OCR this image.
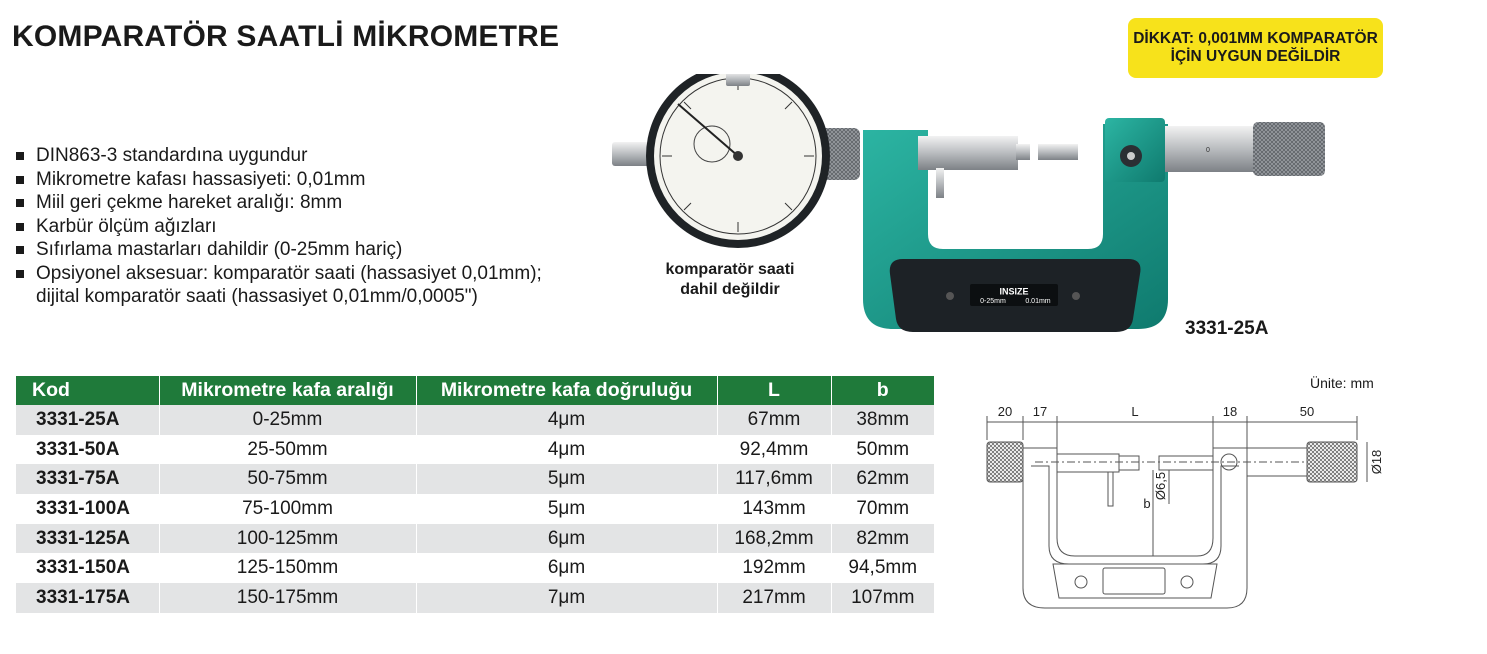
KOMPARATÖR SAATLİ MİKROMETRE	DİKKAT: 0,001MM KOMPARATÖR
İÇİN UYGUN DEĞİLDİR
DIN863-3 standardına uygundur
Mikrometre kafası hassasiyeti: 0,01mm
Miil geri çekme hareket aralığı: 8mm
Karbür ölçüm ağızları
Sıfırlama mastarları dahildir (0-25mm hariç)
Opsiyonel aksesuar: komparatör saati (hassasiyet 0,01mm);
dijital komparatör saati (hassasiyet 0,01mm/0,0005")	INSIZE
0-25mm	0.01mm
0
komparatör saati
dahil değildir
3331-25A
Ünite: mm
Kod	Mikrometre kafa aralığı	Mikrometre kafa doğruluğu	L	b
3331-25A	0-25mm	4μm	67mm	38mm
3331-50A	25-50mm	4μm	92,4mm	50mm
3331-75A	50-75mm	5μm	117,6mm	62mm
3331-100A	75-100mm	5μm	143mm	70mm
3331-125A	100-125mm	6μm	168,2mm	82mm
3331-150A	125-150mm	6μm	192mm	94,5mm
3331-175A	150-175mm	7μm	217mm	107mm
20 17	L	18	50
b
Ø18
Ø6,5
